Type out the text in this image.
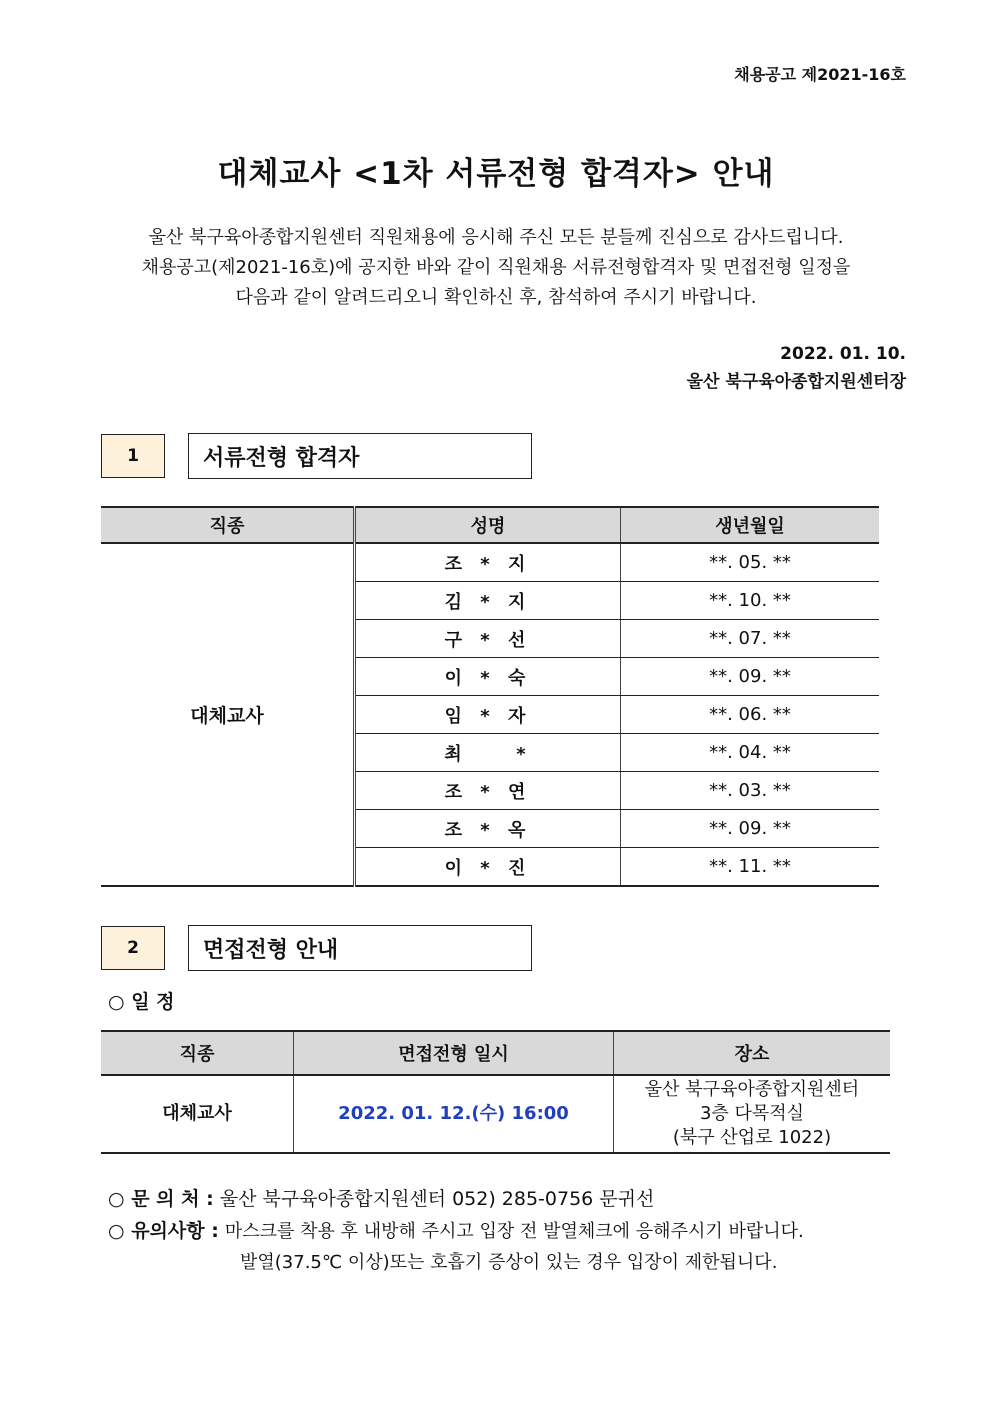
채용공고 제2021-16호
대체교사 <1차 서류전형 합격자> 안내
울산 북구육아종합지원센터 직원채용에 응시해 주신 모든 분들께 진심으로 감사드립니다.
채용공고(제2021-16호)에 공지한 바와 같이 직원채용 서류전형합격자 및 면접전형 일정을
다음과 같이 알려드리오니 확인하신 후, 참석하여 주시기 바랍니다.
2022. 01. 10.
울산 북구육아종합지원센터장
1	서류전형 합격자
직종	성명	생년월일
대체교사	조 * 지	**. 05. **
	김 * 지	**. 10. **
	구 * 선	**. 07. **
	이 * 숙	**. 09. **
	임 * 자	**. 06. **
	최 　 *	**. 04. **
	조 * 연	**. 03. **
	조 * 옥	**. 09. **
	이 * 진	**. 11. **
2	면접전형 안내
○ 일 정
직종	면접전형 일시	장소
대체교사	2022. 01. 12.(수) 16:00	울산 북구육아종합지원센터
3층 다목적실
(북구 산업로 1022)
○ 문 의 처 : 울산 북구육아종합지원센터 052) 285-0756 문귀선
○ 유의사항 : 마스크를 착용 후 내방해 주시고 입장 전 발열체크에 응해주시기 바랍니다.
발열(37.5℃ 이상)또는 호흡기 증상이 있는 경우 입장이 제한됩니다.
